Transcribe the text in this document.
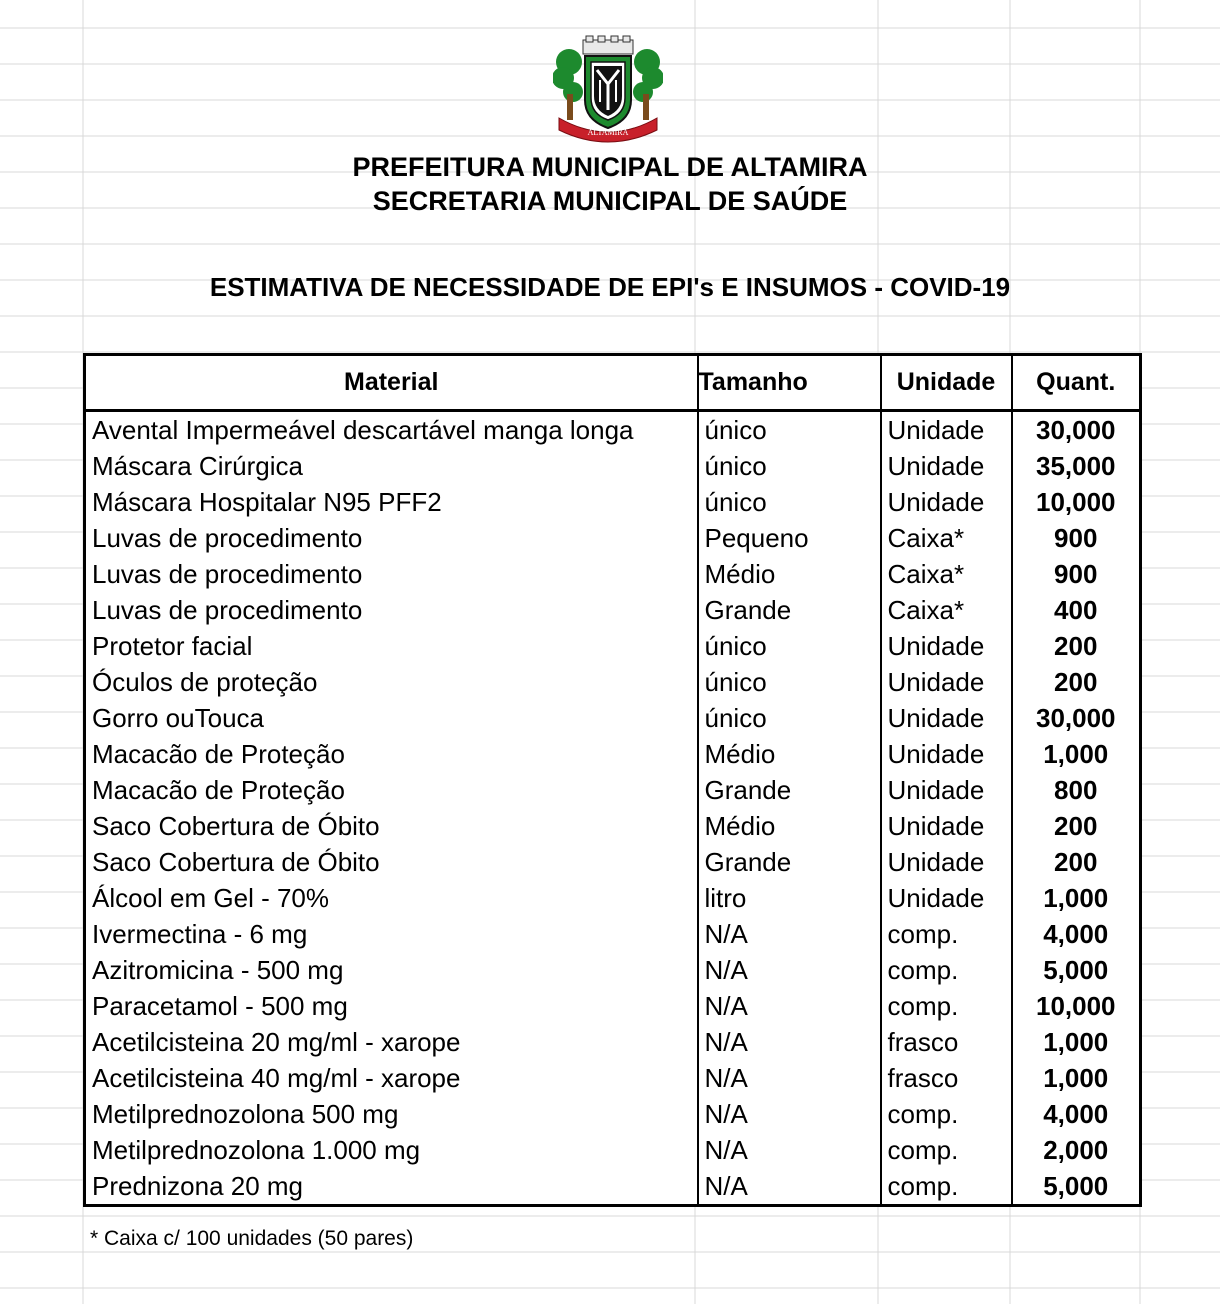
ALTAMIRA
PREFEITURA MUNICIPAL DE ALTAMIRA
SECRETARIA MUNICIPAL DE SAÚDE
ESTIMATIVA DE NECESSIDADE DE EPI's E INSUMOS - COVID-19
Material	Tamanho	Unidade	Quant.
Avental Impermeável descartável manga longa	único	Unidade	30,000
Máscara Cirúrgica	único	Unidade	35,000
Máscara Hospitalar N95 PFF2	único	Unidade	10,000
Luvas de procedimento	Pequeno	Caixa*	900
Luvas de procedimento	Médio	Caixa*	900
Luvas de procedimento	Grande	Caixa*	400
Protetor facial	único	Unidade	200
Óculos de proteção	único	Unidade	200
Gorro ouTouca	único	Unidade	30,000
Macacão de Proteção	Médio	Unidade	1,000
Macacão de Proteção	Grande	Unidade	800
Saco Cobertura de Óbito	Médio	Unidade	200
Saco Cobertura de Óbito	Grande	Unidade	200
Álcool em Gel - 70%	litro	Unidade	1,000
Ivermectina - 6 mg	N/A	comp.	4,000
Azitromicina - 500 mg	N/A	comp.	5,000
Paracetamol - 500 mg	N/A	comp.	10,000
Acetilcisteina 20 mg/ml - xarope	N/A	frasco	1,000
Acetilcisteina 40 mg/ml - xarope	N/A	frasco	1,000
Metilprednozolona 500 mg	N/A	comp.	4,000
Metilprednozolona 1.000 mg	N/A	comp.	2,000
Prednizona 20 mg	N/A	comp.	5,000
* Caixa c/ 100 unidades (50 pares)
